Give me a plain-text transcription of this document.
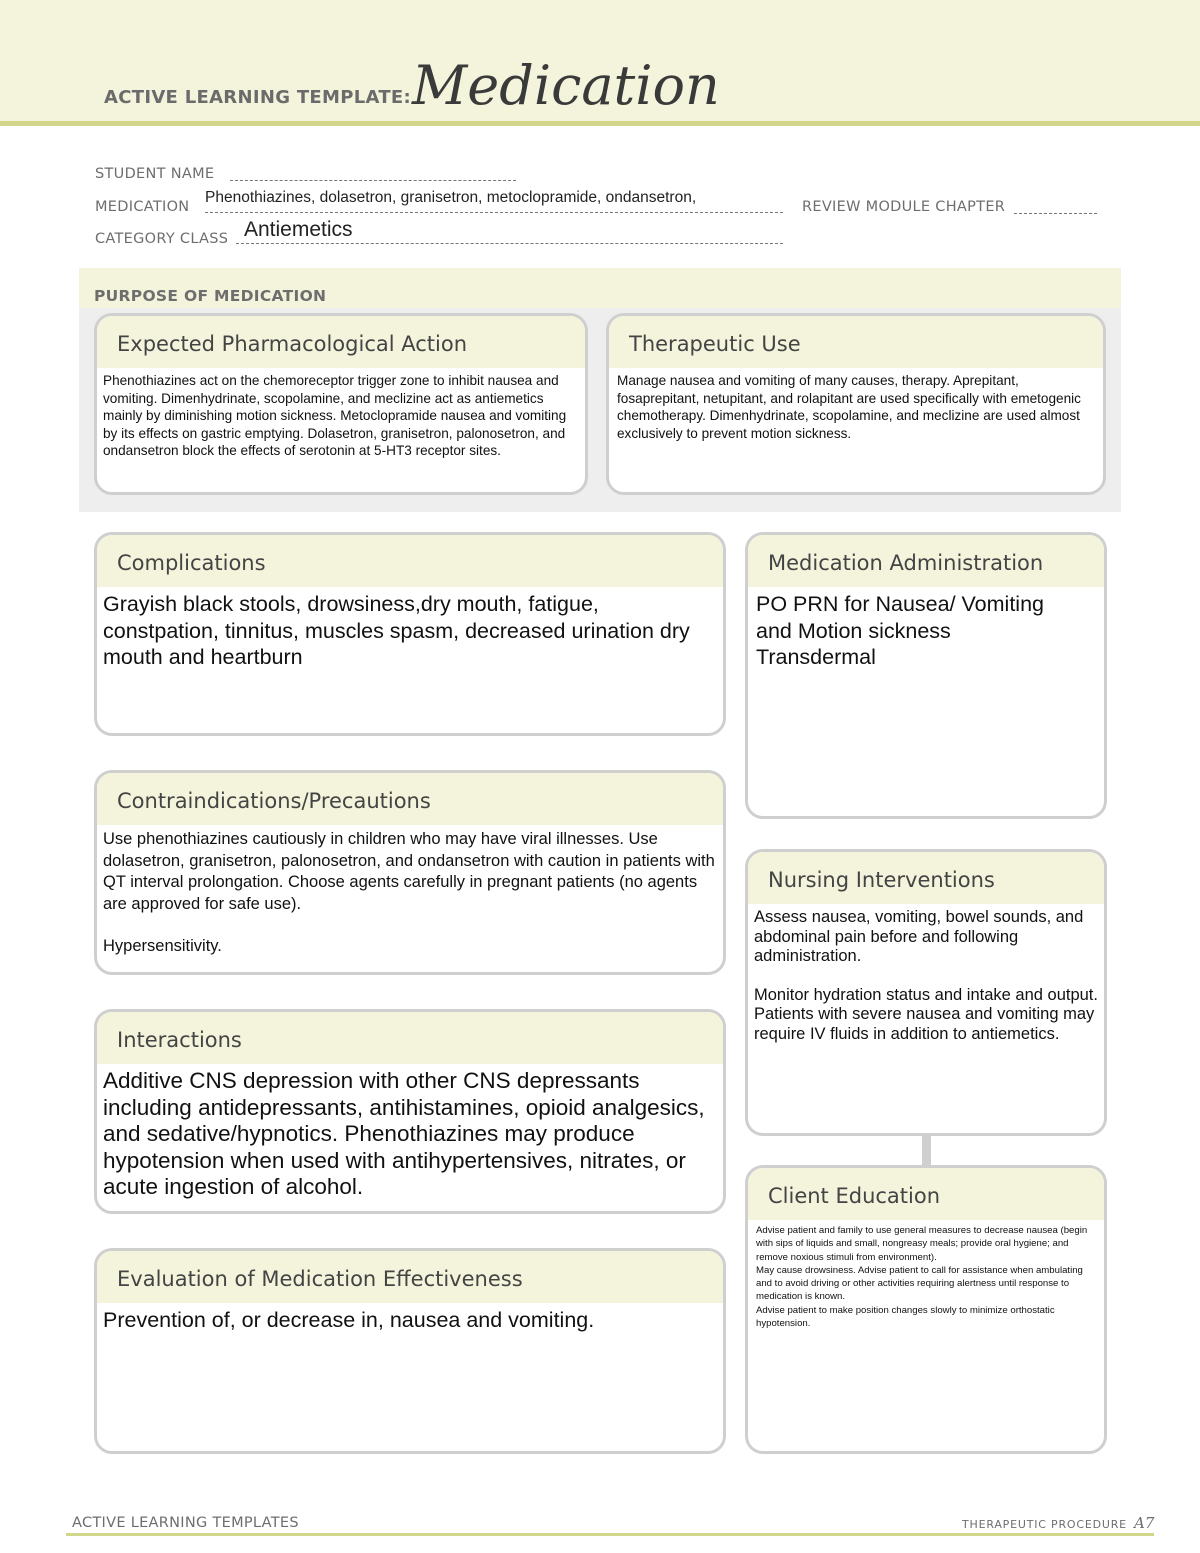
ACTIVE LEARNING TEMPLATE: Medication
STUDENT NAME
MEDICATION
Phenothiazines, dolasetron, granisetron, metoclopramide, ondansetron,
REVIEW MODULE CHAPTER
CATEGORY CLASS Antiemetics
PURPOSE OF MEDICATION
Expected Pharmacological Action
Phenothiazines act on the chemoreceptor trigger zone to inhibit nausea and vomiting. Dimenhydrinate, scopolamine, and meclizine act as antiemetics mainly by diminishing motion sickness. Metoclopramide nausea and vomiting by its effects on gastric emptying. Dolasetron, granisetron, palonosetron, and ondansetron block the effects of serotonin at 5-HT3 receptor sites.
Therapeutic Use
Manage nausea and vomiting of many causes, therapy. Aprepitant, fosaprepitant, netupitant, and rolapitant are used specifically with emetogenic chemotherapy. Dimenhydrinate, scopolamine, and meclizine are used almost exclusively to prevent motion sickness.
Complications
Grayish black stools, drowsiness,dry mouth, fatigue, constpation, tinnitus, muscles spasm, decreased urination dry mouth and heartburn
Medication Administration

PO PRN for Nausea/ Vomiting

and Motion sickness

Transdermal

Contraindications/Precautions

Use phenothiazines cautiously in children who may have viral illnesses. Use dolasetron, granisetron, palonosetron, and ondansetron with caution in patients with QT interval prolongation. Choose agents carefully in pregnant patients (no agents are approved for safe use).

Hypersensitivity.

Nursing Interventions

Assess nausea, vomiting, bowel sounds, and abdominal pain before and following administration.

Monitor hydration status and intake and output. Patients with severe nausea and vomiting may require IV fluids in addition to antiemetics.

Interactions
Additive CNS depression with other CNS depressants including antidepressants, antihistamines, opioid analgesics, and sedative/hypnotics. Phenothiazines may produce hypotension when used with antihypertensives, nitrates, or acute ingestion of alcohol.	Client Education

Advise patient and family to use general measures to decrease nausea (begin with sips of liquids and small, nongreasy meals; provide oral hygiene; and remove noxious stimuli from environment).

May cause drowsiness. Advise patient to call for assistance when ambulating and to avoid driving or other activities requiring alertness until response to medication is known.

Advise patient to make position changes slowly to minimize orthostatic hypotension.

Evaluation of Medication Effectiveness
Prevention of, or decrease in, nausea and vomiting.
ACTIVE LEARNING TEMPLATES	THERAPEUTIC PROCEDURE A7
